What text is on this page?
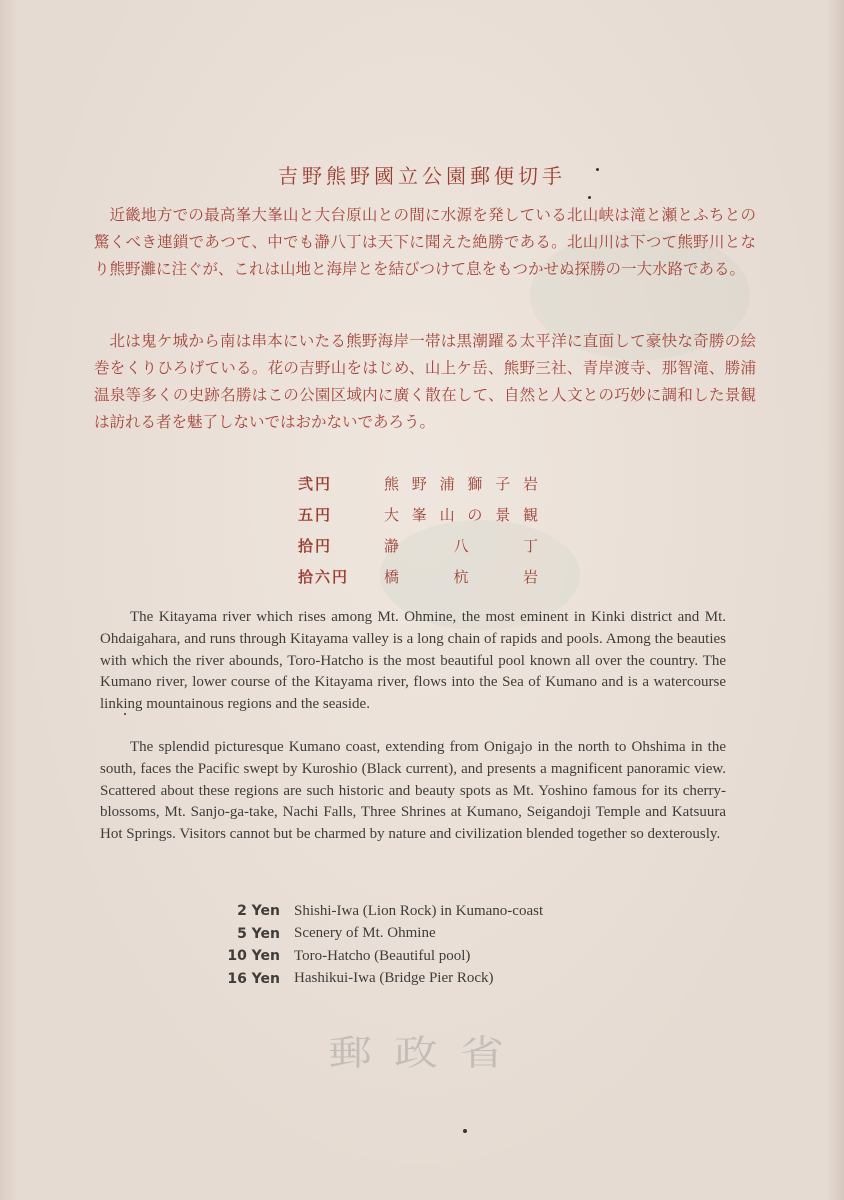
吉野熊野國立公園郵便切手

近畿地方での最高峯大峯山と大台原山との間に水源を発している北山峡は滝と瀬とふちとの驚くべき連鎖であつて、中でも瀞八丁は天下に聞えた絶勝である。北山川は下つて熊野川となり熊野灘に注ぐが、これは山地と海岸とを結びつけて息をもつかせぬ探勝の一大水路である。

北は鬼ケ城から南は串本にいたる熊野海岸一帯は黒潮躍る太平洋に直面して豪快な奇勝の絵巻をくりひろげている。花の吉野山をはじめ、山上ケ岳、熊野三社、青岸渡寺、那智滝、勝浦温泉等多くの史跡名勝はこの公園区域内に廣く散在して、自然と人文との巧妙に調和した景観は訪れる者を魅了しないではおかないであろう。

弐円	熊野浦獅子岩
五円	大峯山の景観
拾円	瀞八丁
拾六円	橋杭岩

The Kitayama river which rises among Mt. Ohmine, the most eminent in Kinki district and Mt. Ohdaigahara, and runs through Kitayama valley is a long chain of rapids and pools. Among the beauties with which the river abounds, Toro-Hatcho is the most beautiful pool known all over the country. The Kumano river, lower course of the Kitayama river, flows into the Sea of Kumano and is a watercourse linking mountainous regions and the seaside.

The splendid picturesque Kumano coast, extending from Onigajo in the north to Ohshima in the south, faces the Pacific swept by Kuroshio (Black current), and presents a magnificent panoramic view. Scattered about these regions are such historic and beauty spots as Mt. Yoshino famous for its cherry-blossoms, Mt. Sanjo-ga-take, Nachi Falls, Three Shrines at Kumano, Seigandoji Temple and Katsuura Hot Springs. Visitors cannot but be charmed by nature and civilization blended together so dexterously.

2 Yen Shishi-Iwa (Lion Rock) in Kumano-coast
5 Yen Scenery of Mt. Ohmine
10 Yen Toro-Hatcho (Beautiful pool)
16 Yen Hashikui-Iwa (Bridge Pier Rock)
郵政省
